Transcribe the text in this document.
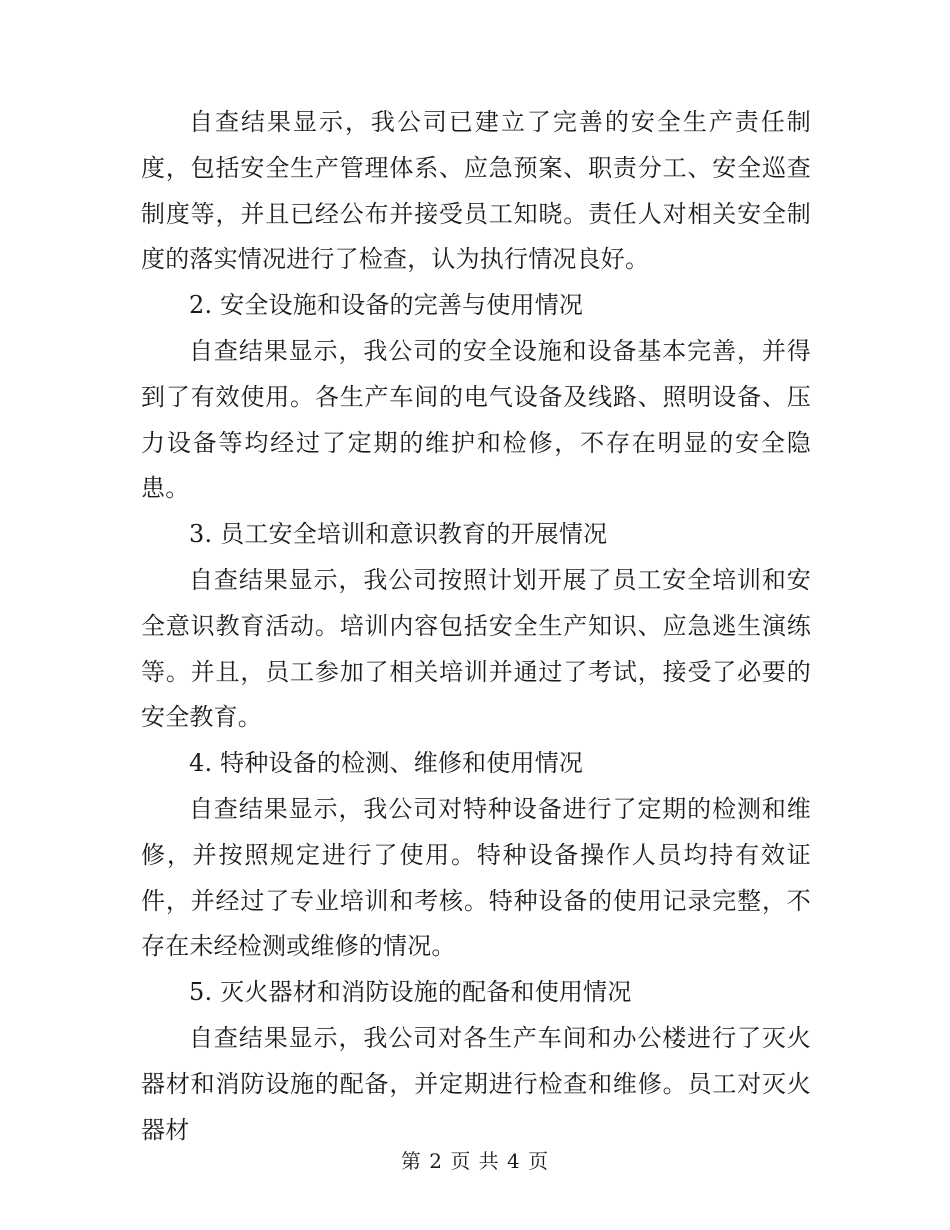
自查结果显示，我公司已建立了完善的安全生产责任制度，包括安全生产管理体系、应急预案、职责分工、安全巡查制度等，并且已经公布并接受员工知晓。责任人对相关安全制度的落实情况进行了检查，认为执行情况良好。

2. 安全设施和设备的完善与使用情况

自查结果显示，我公司的安全设施和设备基本完善，并得到了有效使用。各生产车间的电气设备及线路、照明设备、压力设备等均经过了定期的维护和检修，不存在明显的安全隐患。

3. 员工安全培训和意识教育的开展情况

自查结果显示，我公司按照计划开展了员工安全培训和安全意识教育活动。培训内容包括安全生产知识、应急逃生演练等。并且，员工参加了相关培训并通过了考试，接受了必要的安全教育。

4. 特种设备的检测、维修和使用情况

自查结果显示，我公司对特种设备进行了定期的检测和维修，并按照规定进行了使用。特种设备操作人员均持有效证件，并经过了专业培训和考核。特种设备的使用记录完整，不存在未经检测或维修的情况。

5. 灭火器材和消防设施的配备和使用情况

自查结果显示，我公司对各生产车间和办公楼进行了灭火器材和消防设施的配备，并定期进行检查和维修。员工对灭火器材

第 2 页 共 4 页
